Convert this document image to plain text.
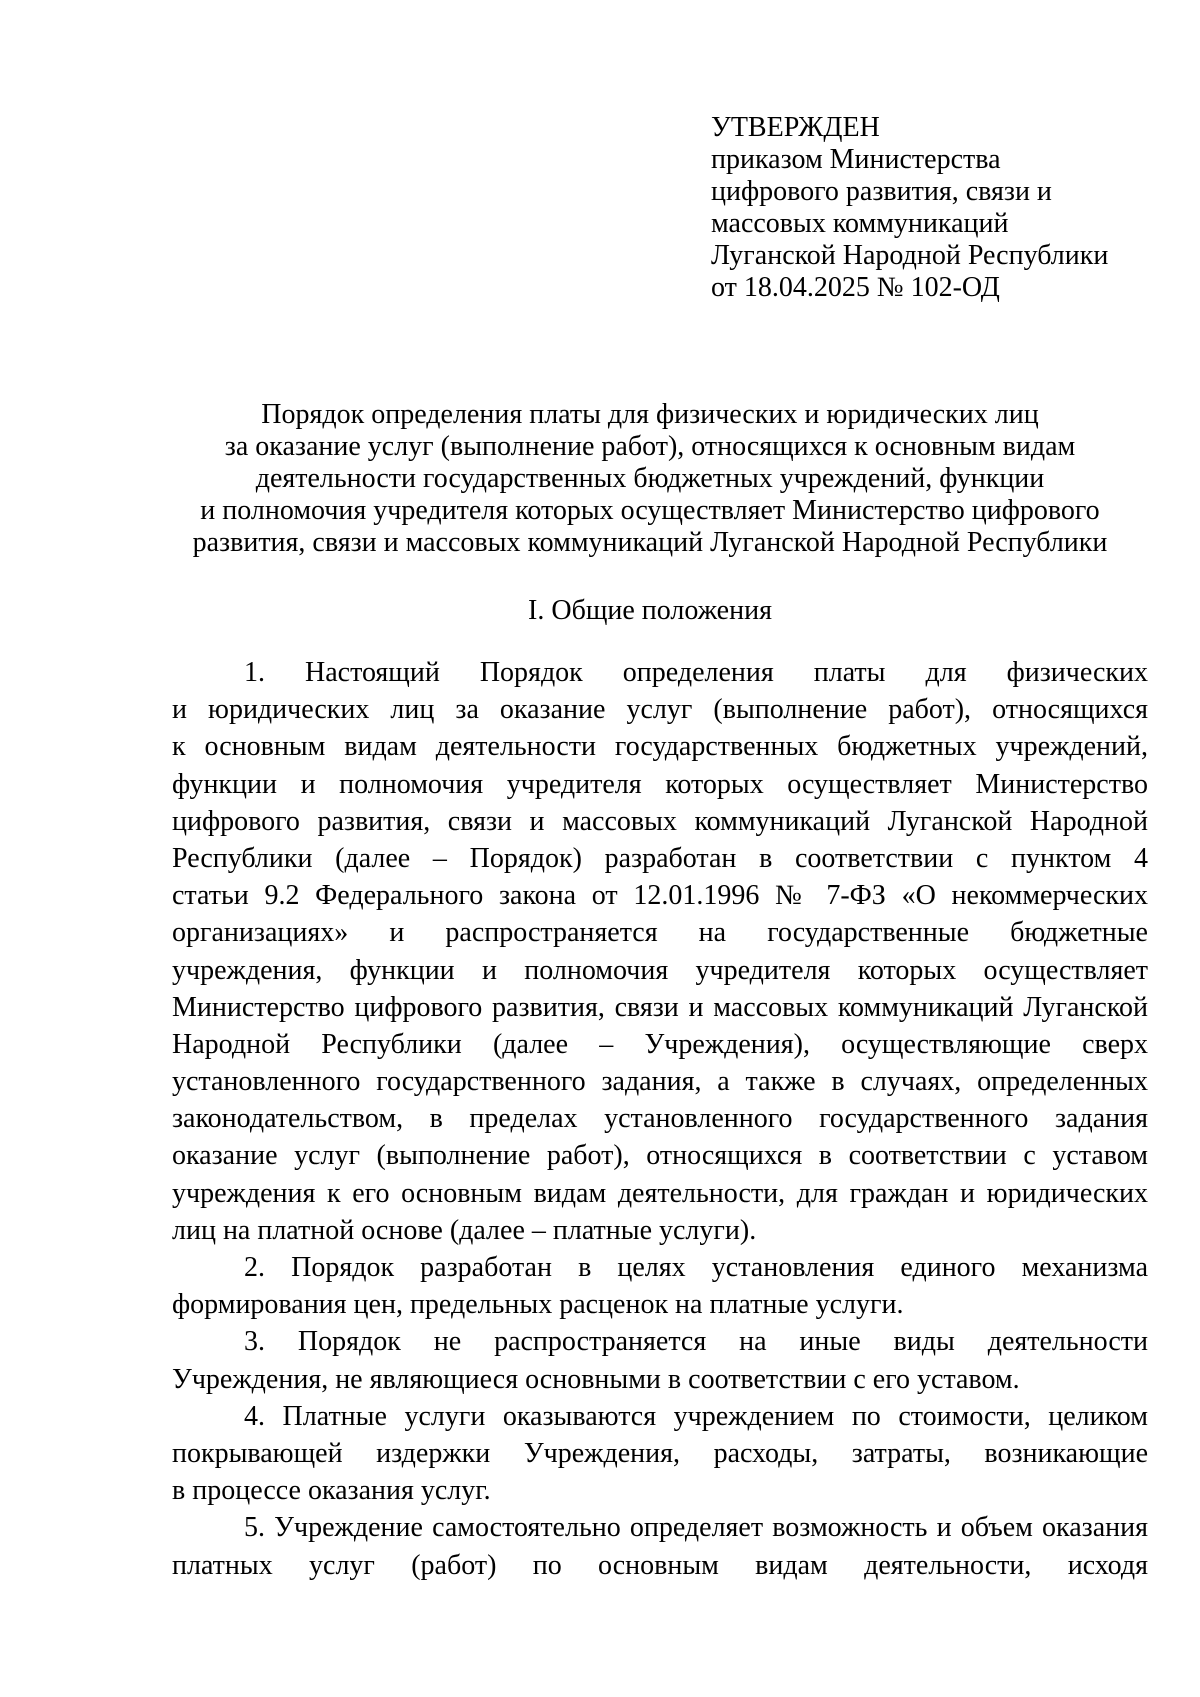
УТВЕРЖДЕН
приказом Министерства
цифрового развития, связи и
массовых коммуникаций
Луганской Народной Республики
от 18.04.2025 № 102-ОД
Порядок определения платы для физических и юридических лиц
за оказание услуг (выполнение работ), относящихся к основным видам
деятельности государственных бюджетных учреждений, функции
и полномочия учредителя которых осуществляет Министерство цифрового
развития, связи и массовых коммуникаций Луганской Народной Республики
I. Общие положения
1. Настоящий Порядок определения платы для физических
и юридических лиц за оказание услуг (выполнение работ), относящихся
к основным видам деятельности государственных бюджетных учреждений,
функции и полномочия учредителя которых осуществляет Министерство
цифрового развития, связи и массовых коммуникаций Луганской Народной
Республики (далее – Порядок) разработан в соответствии с пунктом 4
статьи 9.2 Федерального закона от 12.01.1996 № 7-ФЗ «О некоммерческих
организациях» и распространяется на государственные бюджетные
учреждения, функции и полномочия учредителя которых осуществляет
Министерство цифрового развития, связи и массовых коммуникаций Луганской
Народной Республики (далее – Учреждения), осуществляющие сверх
установленного государственного задания, а также в случаях, определенных
законодательством, в пределах установленного государственного задания
оказание услуг (выполнение работ), относящихся в соответствии с уставом
учреждения к его основным видам деятельности, для граждан и юридических
лиц на платной основе (далее – платные услуги).
2. Порядок разработан в целях установления единого механизма
формирования цен, предельных расценок на платные услуги.
3. Порядок не распространяется на иные виды деятельности
Учреждения, не являющиеся основными в соответствии с его уставом.
4. Платные услуги оказываются учреждением по стоимости, целиком
покрывающей издержки Учреждения, расходы, затраты, возникающие
в процессе оказания услуг.
5. Учреждение самостоятельно определяет возможность и объем оказания
платных услуг (работ) по основным видам деятельности, исходя
